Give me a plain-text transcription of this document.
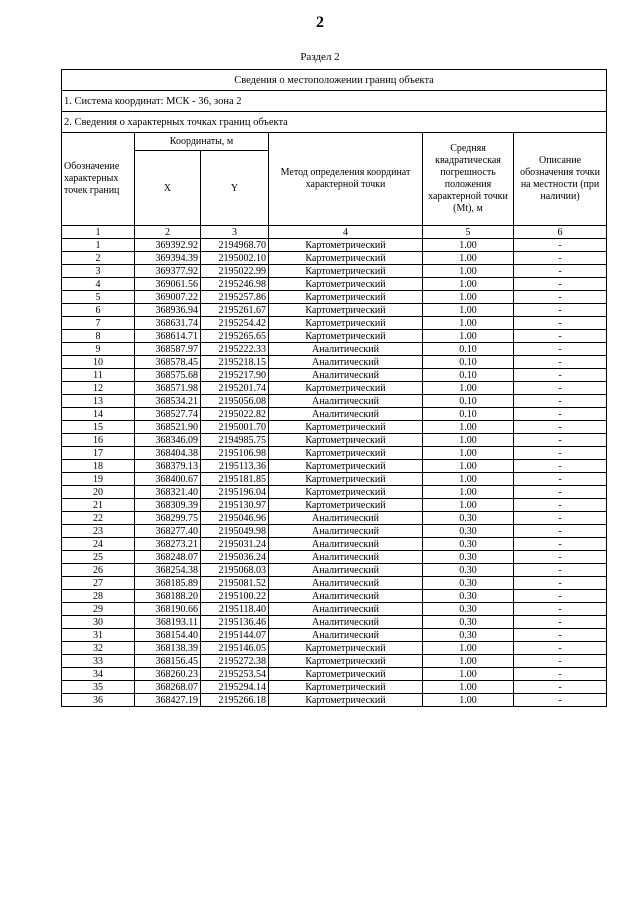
2
Раздел 2
Сведения о местоположении границ объекта					
1. Система координат: МСК - 36, зона 2					
2. Сведения о характерных точках границ объекта					
Обозначение характерных точек границ	Координаты, м		Метод определения координат характерной точки	Средняя квадратическая погрешность положения характерной точки (Mt), м	Описание обозначения точки на местности (при наличии)
	X	Y			
1	2	3	4	5	6
1	369392.92	2194968.70	Картометрический	1.00	-
2	369394.39	2195002.10	Картометрический	1.00	-
3	369377.92	2195022.99	Картометрический	1.00	-
4	369061.56	2195246.98	Картометрический	1.00	-
5	369007.22	2195257.86	Картометрический	1.00	-
6	368936.94	2195261.67	Картометрический	1.00	-
7	368631.74	2195254.42	Картометрический	1.00	-
8	368614.71	2195265.65	Картометрический	1.00	-
9	368587.97	2195222.33	Аналитический	0.10	-
10	368578.45	2195218.15	Аналитический	0.10	-
11	368575.68	2195217.90	Аналитический	0.10	-
12	368571.98	2195201.74	Картометрический	1.00	-
13	368534.21	2195056.08	Аналитический	0.10	-
14	368527.74	2195022.82	Аналитический	0.10	-
15	368521.90	2195001.70	Картометрический	1.00	-
16	368346.09	2194985.75	Картометрический	1.00	-
17	368404.38	2195106.98	Картометрический	1.00	-
18	368379.13	2195113.36	Картометрический	1.00	-
19	368400.67	2195181.85	Картометрический	1.00	-
20	368321.40	2195196.04	Картометрический	1.00	-
21	368309.39	2195130.97	Картометрический	1.00	-
22	368299.75	2195046.96	Аналитический	0.30	-
23	368277.40	2195049.98	Аналитический	0.30	-
24	368273.21	2195031.24	Аналитический	0.30	-
25	368248.07	2195036.24	Аналитический	0.30	-
26	368254.38	2195068.03	Аналитический	0.30	-
27	368185.89	2195081.52	Аналитический	0.30	-
28	368188.20	2195100.22	Аналитический	0.30	-
29	368190.66	2195118.40	Аналитический	0.30	-
30	368193.11	2195136.46	Аналитический	0.30	-
31	368154.40	2195144.07	Аналитический	0.30	-
32	368138.39	2195146.05	Картометрический	1.00	-
33	368156.45	2195272.38	Картометрический	1.00	-
34	368260.23	2195253.54	Картометрический	1.00	-
35	368268.07	2195294.14	Картометрический	1.00	-
36	368427.19	2195266.18	Картометрический	1.00	-
